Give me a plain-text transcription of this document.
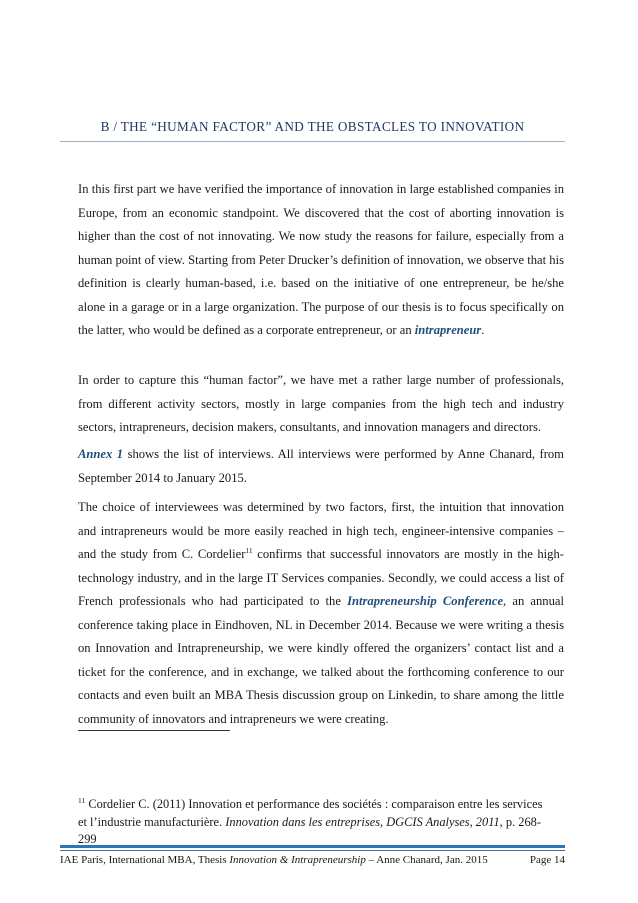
B / THE “HUMAN FACTOR” AND THE OBSTACLES TO INNOVATION

In this first part we have verified the importance of innovation in large established companies in Europe, from an economic standpoint. We discovered that the cost of aborting innovation is higher than the cost of not innovating. We now study the reasons for failure, especially from a human point of view. Starting from Peter Drucker’s definition of innovation, we observe that his definition is clearly human-based, i.e. based on the initiative of one entrepreneur, be he/she alone in a garage or in a large organization. The purpose of our thesis is to focus specifically on the latter, who would be defined as a corporate entrepreneur, or an intrapreneur.

In order to capture this “human factor”, we have met a rather large number of professionals, from different activity sectors, mostly in large companies from the high tech and industry sectors, intrapreneurs, decision makers, consultants, and innovation managers and directors.

Annex 1 shows the list of interviews. All interviews were performed by Anne Chanard, from September 2014 to January 2015.

The choice of interviewees was determined by two factors, first, the intuition that innovation and intrapreneurs would be more easily reached in high tech, engineer-intensive companies – and the study from C. Cordelier$^{11}$ confirms that successful innovators are mostly in the high-technology industry, and in the large IT Services companies. Secondly, we could access a list of French professionals who had participated to the Intrapreneurship Conference, an annual conference taking place in Eindhoven, NL in December 2014. Because we were writing a thesis on Innovation and Intrapreneurship, we were kindly offered the organizers’ contact list and a ticket for the conference, and in exchange, we talked about the forthcoming conference to our contacts and even built an MBA Thesis discussion group on Linkedin, to share among the little community of innovators and intrapreneurs we were creating.

$^{11}$ Cordelier C. (2011) Innovation et performance des sociétés : comparaison entre les services et l’industrie manufacturière. Innovation dans les entreprises, DGCIS Analyses, 2011, p. 268-299

IAE Paris, International MBA, Thesis Innovation & Intrapreneurship – Anne Chanard, Jan. 2015	Page 14
